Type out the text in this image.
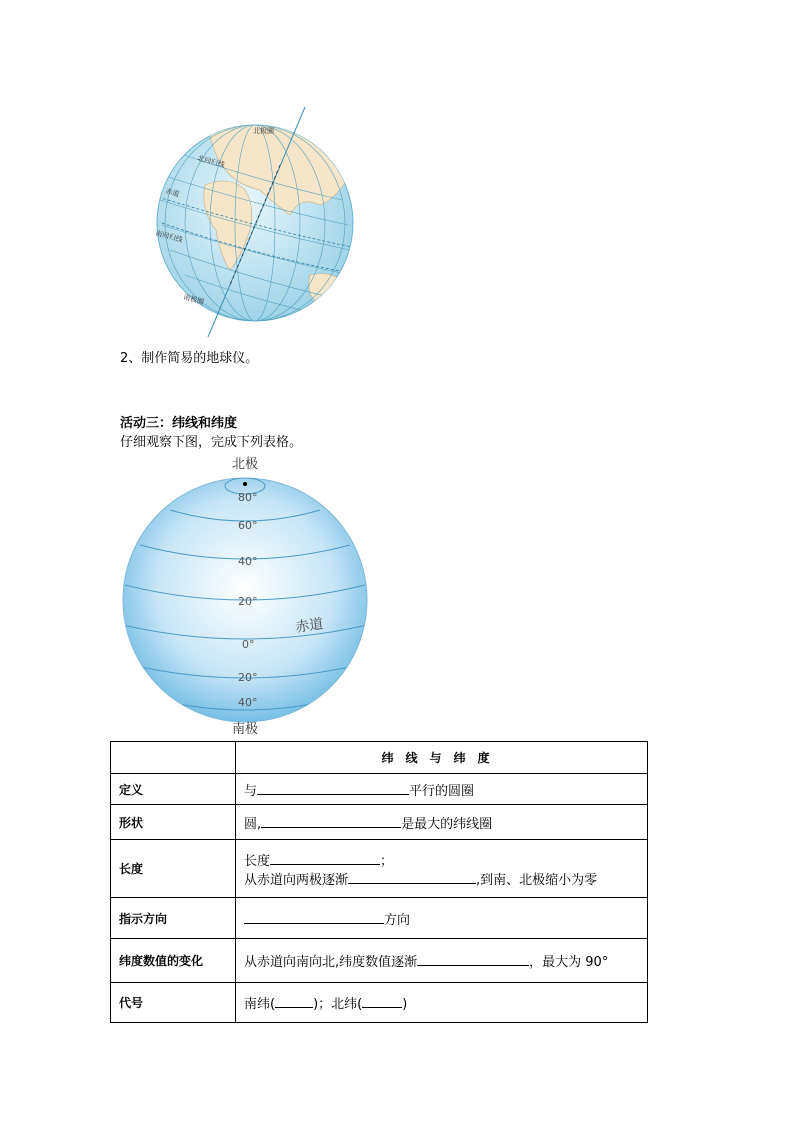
北极圈
北回归线
赤道
南回归线
南极圈
2、制作简易的地球仪。
活动三：纬线和纬度
仔细观察下图，完成下列表格。
北极
80°
60°
40°
20°
0°
20°
40°
赤道
南极
	纬线与纬度
定义	与 平行的圆圈
形状	圆, 是最大的纬线圈
长度	长度 ；
从赤道向两极逐渐 ,到南、北极缩小为零

指示方向	方向
纬度数值的变化	从赤道向南向北,纬度数值逐渐 ，最大为 90°
代号	南纬( )；北纬( )
